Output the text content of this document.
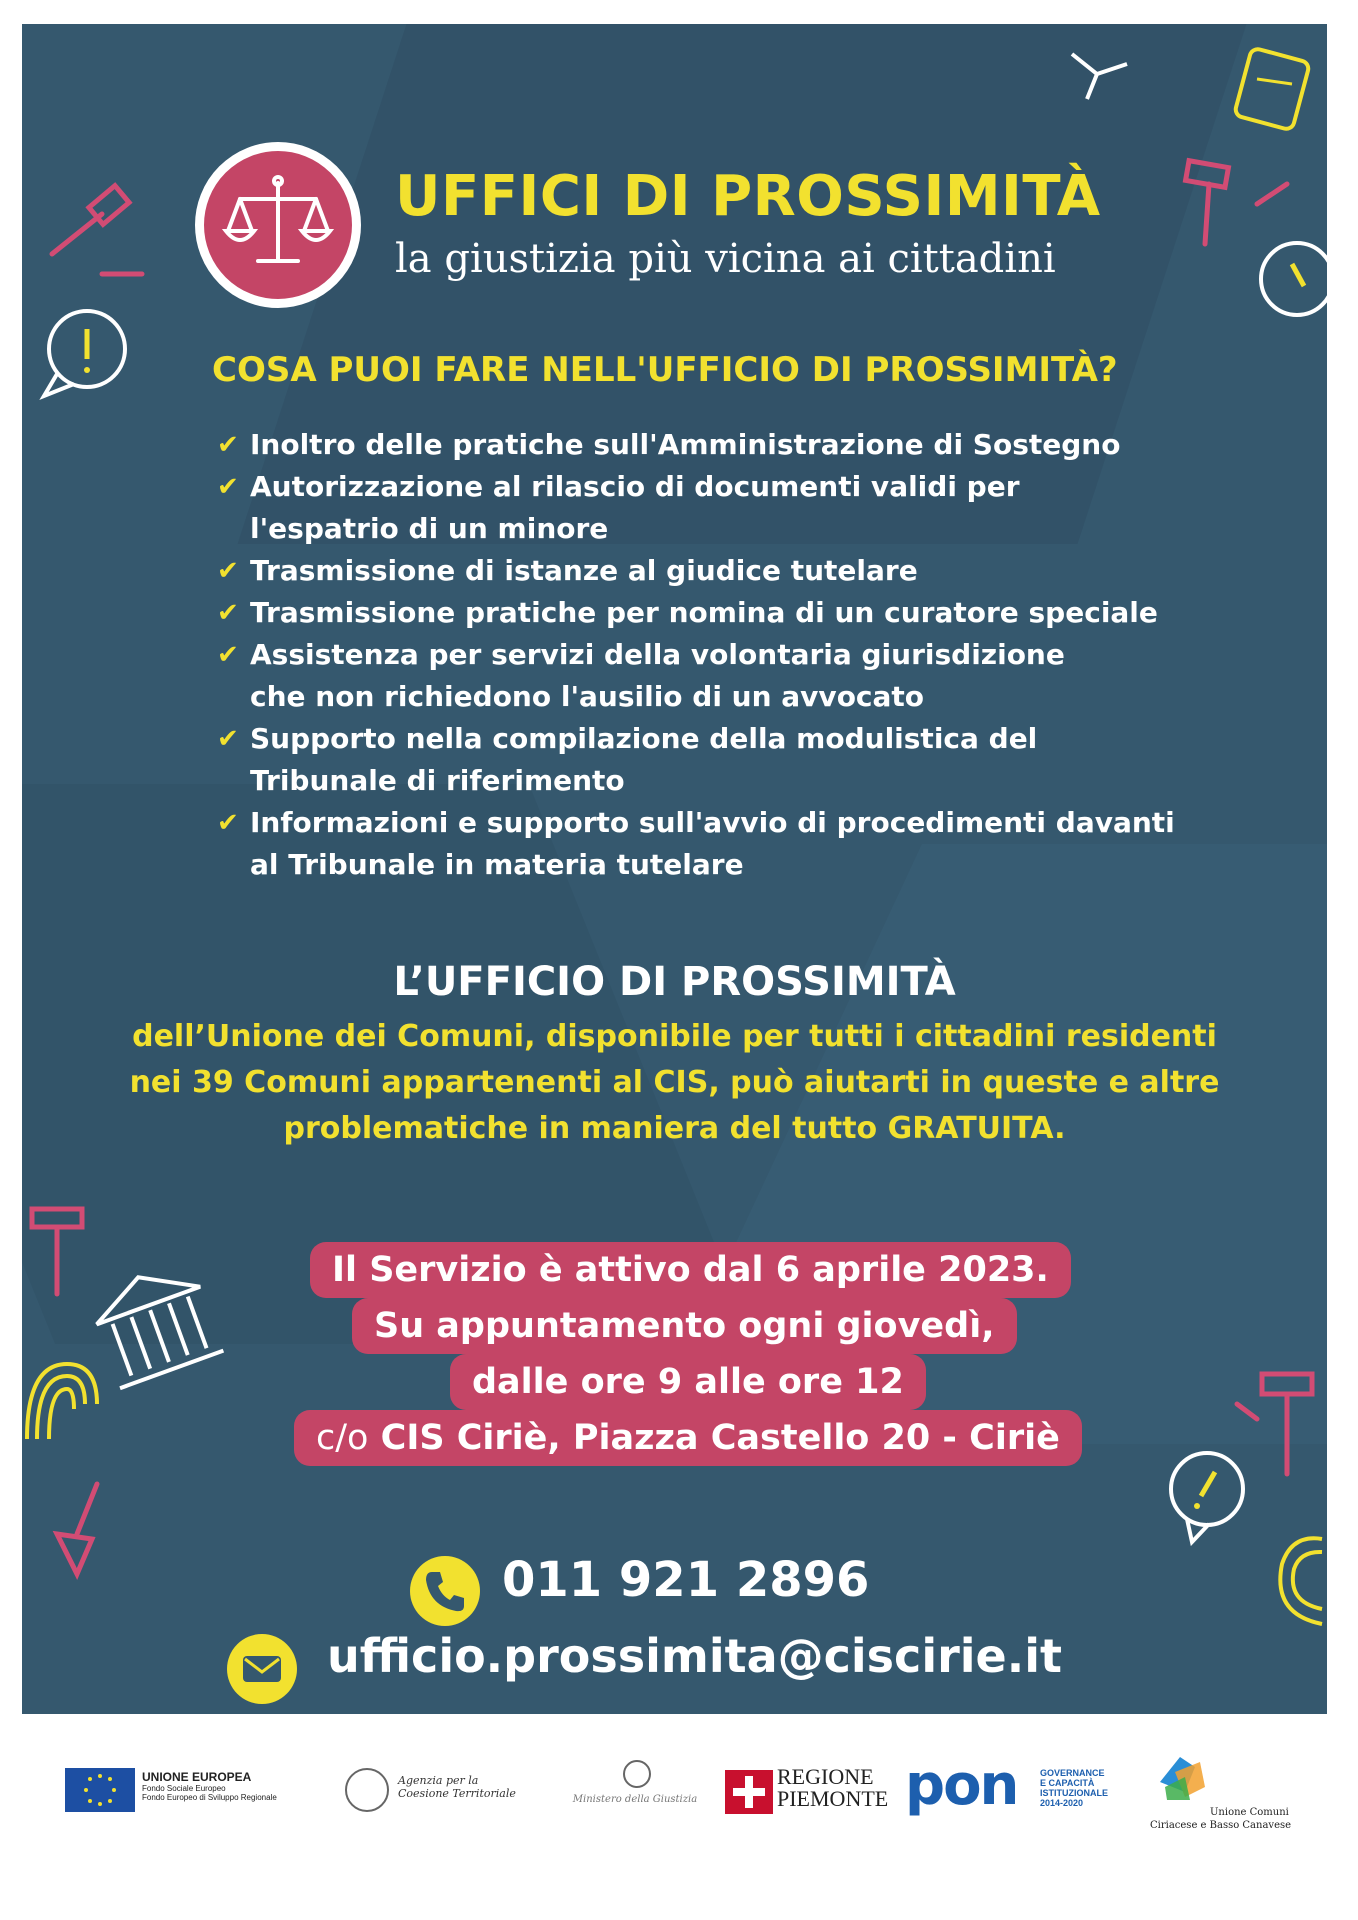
UFFICI DI PROSSIMITÀ
la giustizia più vicina ai cittadini
COSA PUOI FARE NELL'UFFICIO DI PROSSIMITÀ?
✔ Inoltro delle pratiche sull'Amministrazione di Sostegno
✔ Autorizzazione al rilascio di documenti validi per l'espatrio di un minore
✔ Trasmissione di istanze al giudice tutelare
✔ Trasmissione pratiche per nomina di un curatore speciale
✔ Assistenza per servizi della volontaria giurisdizione che non richiedono l'ausilio di un avvocato
✔ Supporto nella compilazione della modulistica del Tribunale di riferimento
✔ Informazioni e supporto sull'avvio di procedimenti davanti al Tribunale in materia tutelare
L’UFFICIO DI PROSSIMITÀ
dell’Unione dei Comuni, disponibile per tutti i cittadini residenti nei 39 Comuni appartenenti al CIS, può aiutarti in queste e altre problematiche in maniera del tutto GRATUITA.
Il Servizio è attivo dal 6 aprile 2023.
Su appuntamento ogni giovedì,
dalle ore 9 alle ore 12
c/o CIS Ciriè, Piazza Castello 20 - Ciriè
011 921 2896
ufficio.prossimita@ciscirie.it
UNIONE EUROPEA
Fondo Sociale Europeo
Fondo Europeo di Sviluppo Regionale
Agenzia per la Coesione Territoriale	Ministero della Giustizia
REGIONE
PIEMONTE pon	GOVERNANCE
E CAPACITÀ
ISTITUZIONALE
2014-2020
Unione Comuni
Ciriacese e Basso Canavese
